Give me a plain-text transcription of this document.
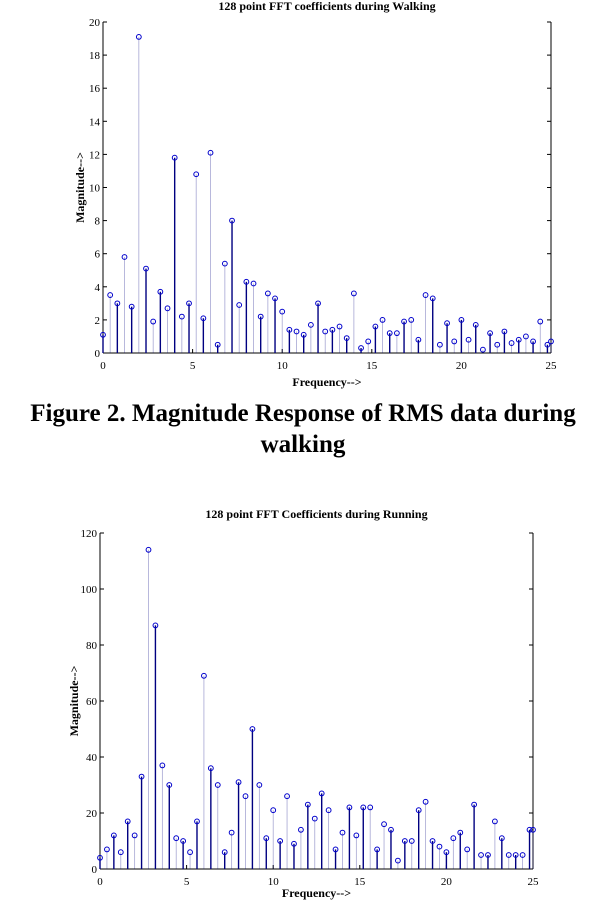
128 point FFT coefficients during Walking
0
2
4
6
8
10
12
14
16
18
20
0	5	10	15	20	25
Frequency-->
Magnitude-->
128 point FFT Coefficients during Running
0
20
40
60
80
100
120
0	5	10	15	20	25
Frequency-->
Magnitude-->
Figure 2. Magnitude Response of RMS data during walking
